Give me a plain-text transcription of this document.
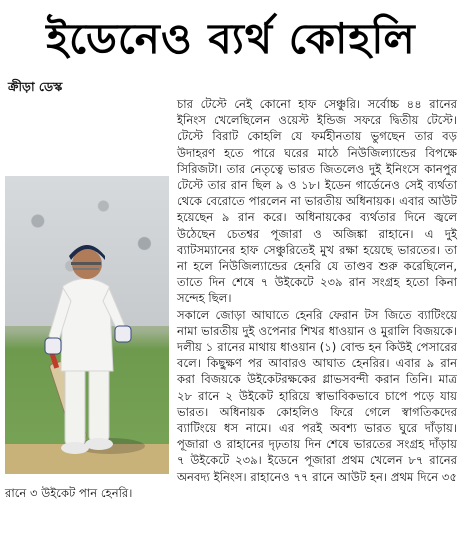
ইডেনেও ব্যর্থ কোহলি
ক্রীড়া ডেস্ক

চার টেস্টে নেই কোনো হাফ সেঞ্চুরি। সর্বোচ্চ ৪৪ রানের ইনিংস খেলেছিলেন ওয়েস্ট ইন্ডিজ সফরে দ্বিতীয় টেস্টে। টেস্টে বিরাট কোহলি যে ফর্মহীনতায় ভুগছেন তার বড় উদাহরণ হতে পারে ঘরের মাঠে নিউজিল্যান্ডের বিপক্ষে সিরিজটা। তার নেতৃত্বে ভারত জিতলেও দুই ইনিংসে কানপুর টেস্টে তার রান ছিল ৯ ও ১৮। ইডেন গার্ডেনেও সেই ব্যর্থতা থেকে বেরোতে পারলেন না ভারতীয় অধিনায়ক। এবার আউট হয়েছেন ৯ রান করে। অধিনায়কের ব্যর্থতার দিনে জ্বলে উঠেছেন চেতশ্বর পূজারা ও অজিঙ্কা রাহানে। এ দুই ব্যাটসম্যানের হাফ সেঞ্চুরিতেই মুখ রক্ষা হয়েছে ভারতের। তা না হলে নিউজিল্যান্ডের হেনরি যে তাণ্ডব শুরু করেছিলেন, তাতে দিন শেষে ৭ উইকেটে ২৩৯ রান সংগ্রহ হতো কিনা সন্দেহ ছিল।

সকালে জোড়া আঘাতে হেনরি ফেরান টস জিতে ব্যাটিংয়ে নামা ভারতীয় দুই ওপেনার শিখর ধাওয়ান ও মুরালি বিজয়কে। দলীয় ১ রানের মাথায় ধাওয়ান (১) বোল্ড হন কিউই পেসারের বলে। কিছুক্ষণ পর আবারও আঘাত হেনরির। এবার ৯ রান করা বিজয়কে উইকেটরক্ষকের গ্লাভসবন্দী করান তিনি। মাত্র ২৮ রানে ২ উইকেট হারিয়ে স্বাভাবিকভাবে চাপে পড়ে যায় ভারত। অধিনায়ক কোহলিও ফিরে গেলে স্বাগতিকদের ব্যাটিংয়ে ধস নামে। এর পরই অবশ্য ভারত ঘুরে দাঁড়ায়। পূজারা ও রাহানের দৃঢ়তায় দিন শেষে ভারতের সংগ্রহ দাঁড়ায় ৭ উইকেটে ২৩৯। ইডেনে পূজারা প্রথম খেলেন ৮৭ রানের অনবদ্য ইনিংস। রাহানেও ৭৭ রানে আউট হন। প্রথম দিনে ৩৫ রানে ৩ উইকেট পান হেনরি।
